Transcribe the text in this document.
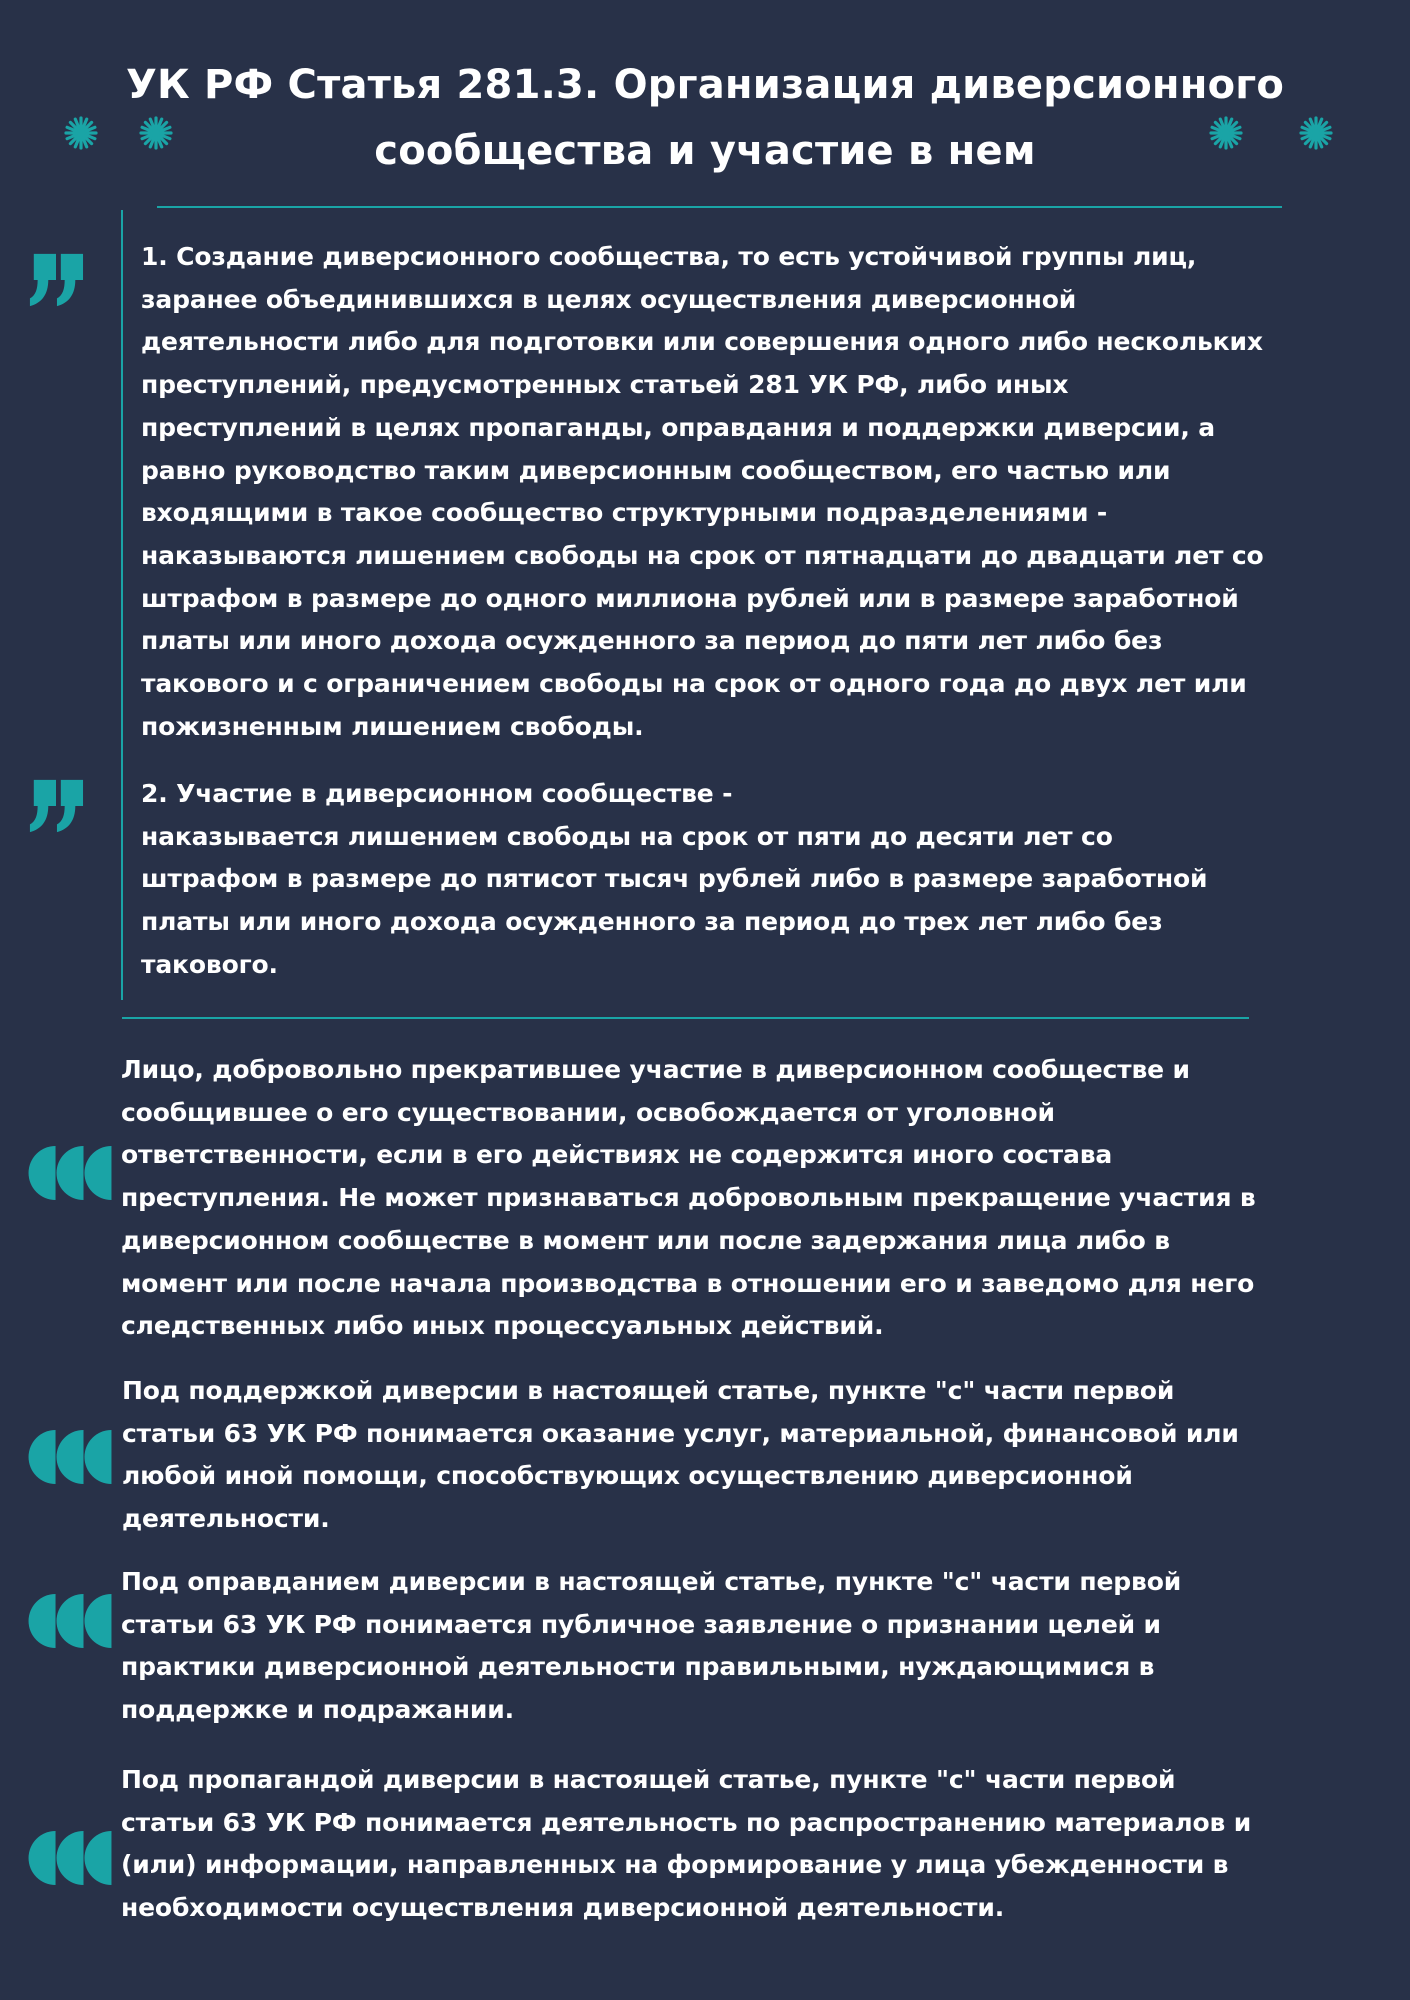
УК РФ Статья 281.3. Организация диверсионного
сообщества и участие в нем

1. Создание диверсионного сообщества, то есть устойчивой группы лиц,
заранее объединившихся в целях осуществления диверсионной
деятельности либо для подготовки или совершения одного либо нескольких
преступлений, предусмотренных статьей 281 УК РФ, либо иных
преступлений в целях пропаганды, оправдания и поддержки диверсии, а
равно руководство таким диверсионным сообществом, его частью или
входящими в такое сообщество структурными подразделениями -
наказываются лишением свободы на срок от пятнадцати до двадцати лет со
штрафом в размере до одного миллиона рублей или в размере заработной
платы или иного дохода осужденного за период до пяти лет либо без
такового и с ограничением свободы на срок от одного года до двух лет или
пожизненным лишением свободы.

2. Участие в диверсионном сообществе -
наказывается лишением свободы на срок от пяти до десяти лет со
штрафом в размере до пятисот тысяч рублей либо в размере заработной
платы или иного дохода осужденного за период до трех лет либо без
такового.

Лицо, добровольно прекратившее участие в диверсионном сообществе и
сообщившее о его существовании, освобождается от уголовной
ответственности, если в его действиях не содержится иного состава
преступления. Не может признаваться добровольным прекращение участия в
диверсионном сообществе в момент или после задержания лица либо в
момент или после начала производства в отношении его и заведомо для него
следственных либо иных процессуальных действий.

Под поддержкой диверсии в настоящей статье, пункте "с" части первой
статьи 63 УК РФ понимается оказание услуг, материальной, финансовой или
любой иной помощи, способствующих осуществлению диверсионной
деятельности.

Под оправданием диверсии в настоящей статье, пункте "с" части первой
статьи 63 УК РФ понимается публичное заявление о признании целей и
практики диверсионной деятельности правильными, нуждающимися в
поддержке и подражании.

Под пропагандой диверсии в настоящей статье, пункте "с" части первой
статьи 63 УК РФ понимается деятельность по распространению материалов и
(или) информации, направленных на формирование у лица убежденности в
необходимости осуществления диверсионной деятельности.
